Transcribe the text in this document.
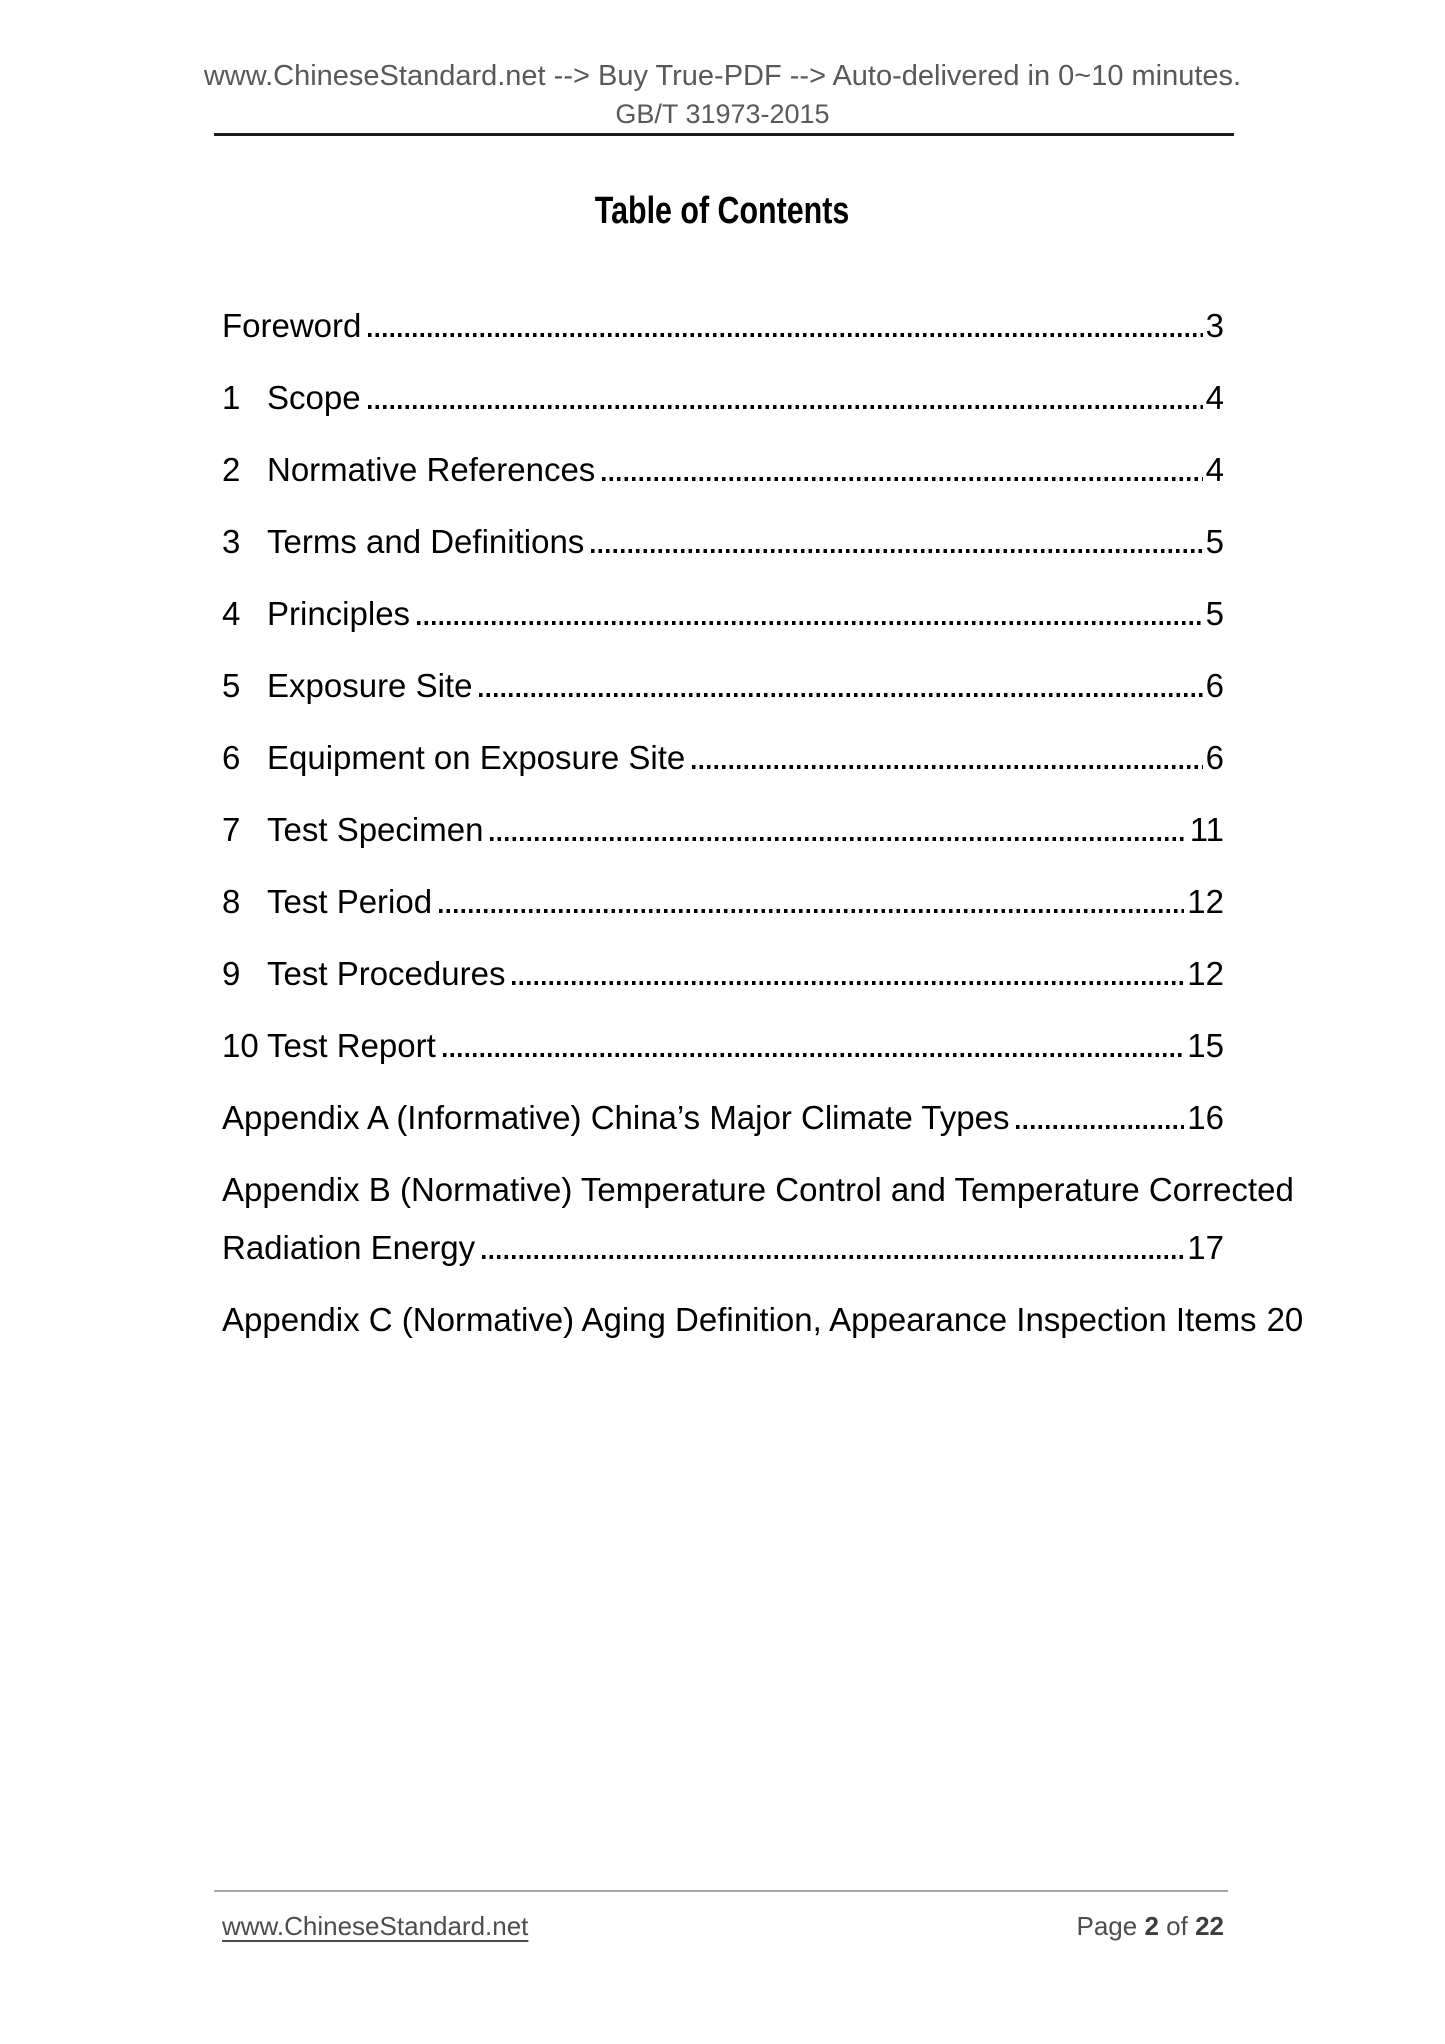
www.ChineseStandard.net --> Buy True-PDF --> Auto-delivered in 0~10 minutes.
GB/T 31973-2015
Table of Contents
Foreword	3
1 Scope	4
2 Normative References	4
3 Terms and Definitions	5
4 Principles	5
5 Exposure Site	6
6 Equipment on Exposure Site	6
7 Test Specimen	11
8 Test Period	12
9 Test Procedures	12
10 Test Report	15
Appendix A (Informative) China’s Major Climate Types	16
Appendix B (Normative) Temperature Control and Temperature Corrected
Radiation Energy	17
Appendix C (Normative) Aging Definition, Appearance Inspection Items 20
www.ChineseStandard.net	Page 2 of 22
